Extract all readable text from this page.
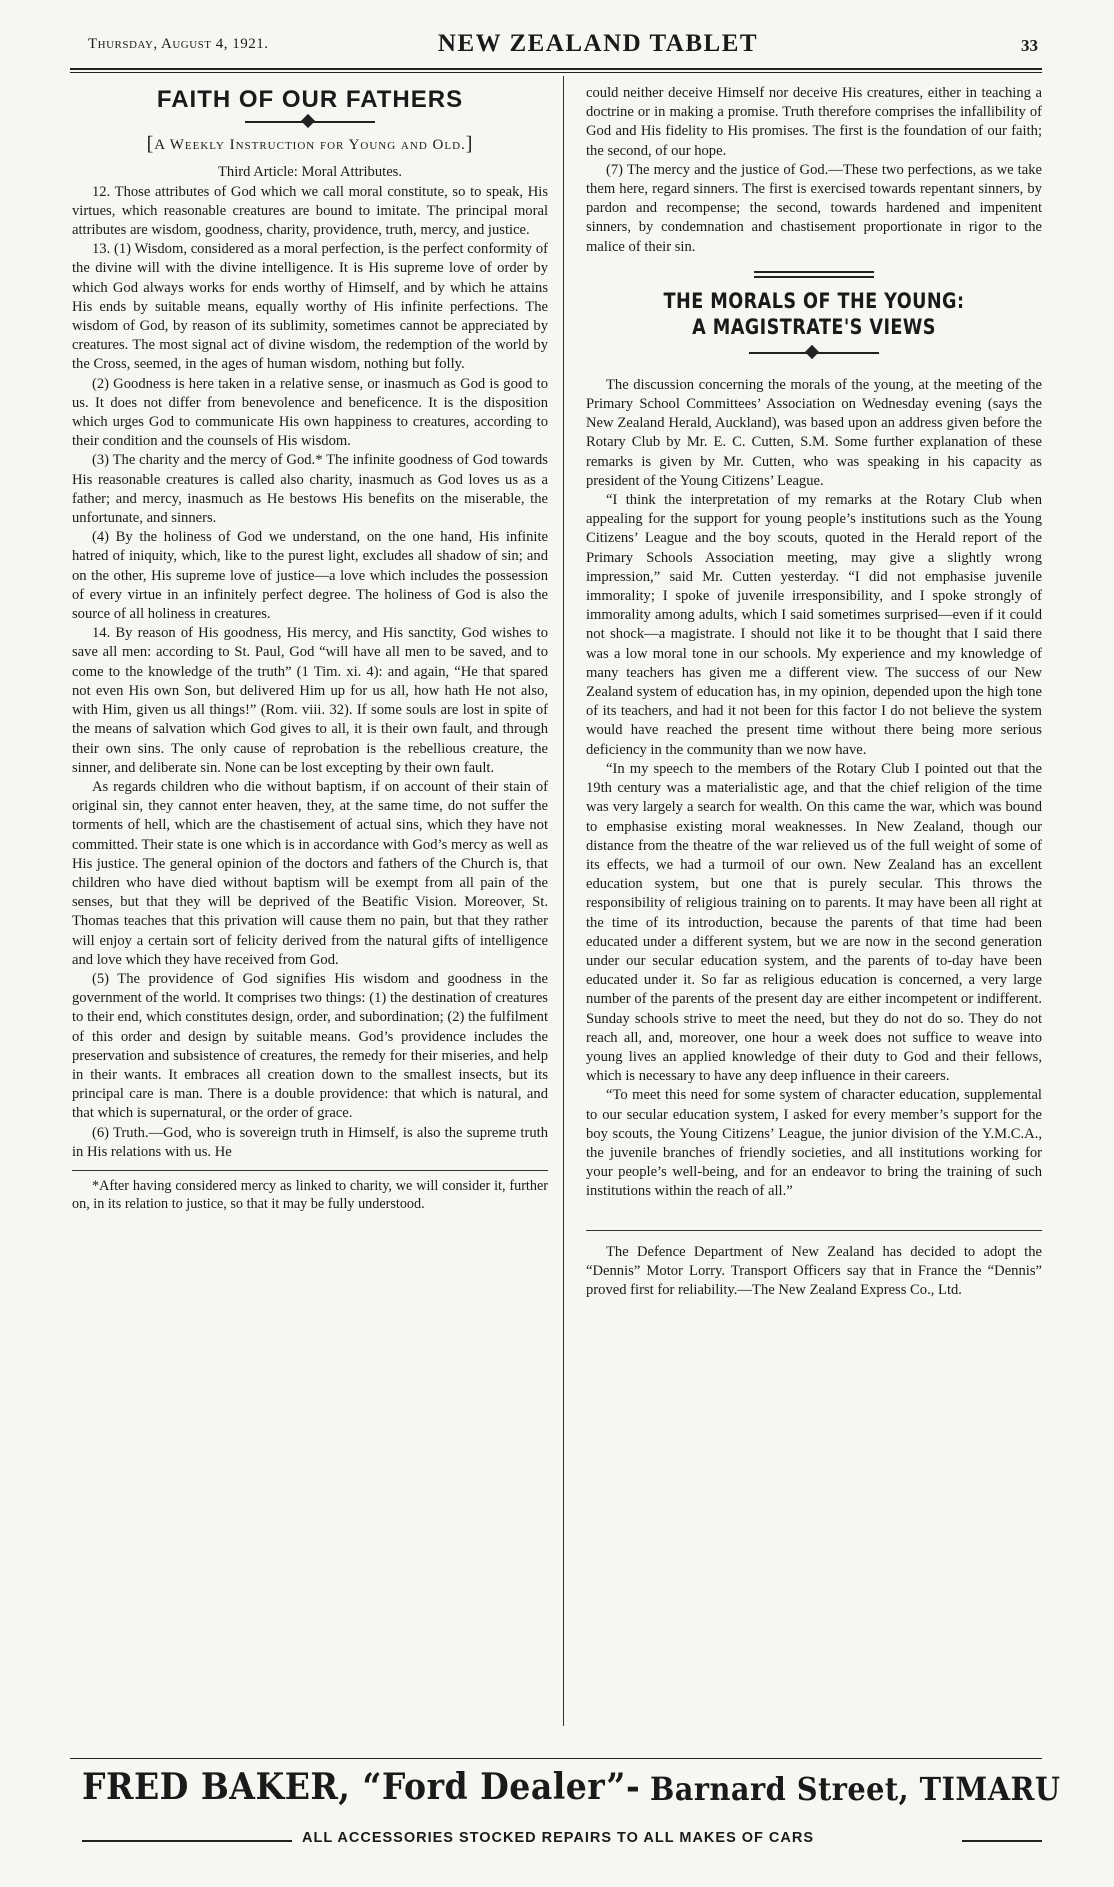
Thursday, August 4, 1921.	NEW ZEALAND TABLET	33
FAITH OF OUR FATHERS
[A Weekly Instruction for Young and Old.]
Third Article: Moral Attributes.

12. Those attributes of God which we call moral constitute, so to speak, His virtues, which reasonable creatures are bound to imitate. The principal moral attributes are wisdom, goodness, charity, providence, truth, mercy, and justice.

13. (1) Wisdom, considered as a moral perfection, is the perfect conformity of the divine will with the divine intelligence. It is His supreme love of order by which God always works for ends worthy of Himself, and by which he attains His ends by suitable means, equally worthy of His infinite perfections. The wisdom of God, by reason of its sublimity, sometimes cannot be appreciated by creatures. The most signal act of divine wisdom, the redemption of the world by the Cross, seemed, in the ages of human wisdom, nothing but folly.

(2) Goodness is here taken in a relative sense, or inasmuch as God is good to us. It does not differ from benevolence and beneficence. It is the disposition which urges God to communicate His own happiness to creatures, according to their condition and the counsels of His wisdom.

(3) The charity and the mercy of God.* The infinite goodness of God towards His reasonable creatures is called also charity, inasmuch as God loves us as a father; and mercy, inasmuch as He bestows His benefits on the miserable, the unfortunate, and sinners.

(4) By the holiness of God we understand, on the one hand, His infinite hatred of iniquity, which, like to the purest light, excludes all shadow of sin; and on the other, His supreme love of justice—a love which includes the possession of every virtue in an infinitely perfect degree. The holiness of God is also the source of all holiness in creatures.

14. By reason of His goodness, His mercy, and His sanctity, God wishes to save all men: according to St. Paul, God “will have all men to be saved, and to come to the knowledge of the truth” (1 Tim. xi. 4): and again, “He that spared not even His own Son, but delivered Him up for us all, how hath He not also, with Him, given us all things!” (Rom. viii. 32). If some souls are lost in spite of the means of salvation which God gives to all, it is their own fault, and through their own sins. The only cause of reprobation is the rebellious creature, the sinner, and deliberate sin. None can be lost excepting by their own fault.

As regards children who die without baptism, if on account of their stain of original sin, they cannot enter heaven, they, at the same time, do not suffer the torments of hell, which are the chastisement of actual sins, which they have not committed. Their state is one which is in accordance with God’s mercy as well as His justice. The general opinion of the doctors and fathers of the Church is, that children who have died without baptism will be exempt from all pain of the senses, but that they will be deprived of the Beatific Vision. Moreover, St. Thomas teaches that this privation will cause them no pain, but that they rather will enjoy a certain sort of felicity derived from the natural gifts of intelligence and love which they have received from God.

(5) The providence of God signifies His wisdom and goodness in the government of the world. It comprises two things: (1) the destination of creatures to their end, which constitutes design, order, and subordination; (2) the fulfilment of this order and design by suitable means. God’s providence includes the preservation and subsistence of creatures, the remedy for their miseries, and help in their wants. It embraces all creation down to the smallest insects, but its principal care is man. There is a double providence: that which is natural, and that which is supernatural, or the order of grace.

(6) Truth.—God, who is sovereign truth in Himself, is also the supreme truth in His relations with us. He

*After having considered mercy as linked to charity, we will consider it, further on, in its relation to justice, so that it may be fully understood.

could neither deceive Himself nor deceive His creatures, either in teaching a doctrine or in making a promise. Truth therefore comprises the infallibility of God and His fidelity to His promises. The first is the foundation of our faith; the second, of our hope.

(7) The mercy and the justice of God.—These two perfections, as we take them here, regard sinners. The first is exercised towards repentant sinners, by pardon and recompense; the second, towards hardened and impenitent sinners, by condemnation and chastisement proportionate in rigor to the malice of their sin.

THE MORALS OF THE YOUNG:
A MAGISTRATE'S VIEWS

The discussion concerning the morals of the young, at the meeting of the Primary School Committees’ Association on Wednesday evening (says the New Zealand Herald, Auckland), was based upon an address given before the Rotary Club by Mr. E. C. Cutten, S.M. Some further explanation of these remarks is given by Mr. Cutten, who was speaking in his capacity as president of the Young Citizens’ League.

“I think the interpretation of my remarks at the Rotary Club when appealing for the support for young people’s institutions such as the Young Citizens’ League and the boy scouts, quoted in the Herald report of the Primary Schools Association meeting, may give a slightly wrong impression,” said Mr. Cutten yesterday. “I did not emphasise juvenile immorality; I spoke of juvenile irresponsibility, and I spoke strongly of immorality among adults, which I said sometimes surprised—even if it could not shock—a magistrate. I should not like it to be thought that I said there was a low moral tone in our schools. My experience and my knowledge of many teachers has given me a different view. The success of our New Zealand system of education has, in my opinion, depended upon the high tone of its teachers, and had it not been for this factor I do not believe the system would have reached the present time without there being more serious deficiency in the community than we now have.

“In my speech to the members of the Rotary Club I pointed out that the 19th century was a materialistic age, and that the chief religion of the time was very largely a search for wealth. On this came the war, which was bound to emphasise existing moral weaknesses. In New Zealand, though our distance from the theatre of the war relieved us of the full weight of some of its effects, we had a turmoil of our own. New Zealand has an excellent education system, but one that is purely secular. This throws the responsibility of religious training on to parents. It may have been all right at the time of its introduction, because the parents of that time had been educated under a different system, but we are now in the second generation under our secular education system, and the parents of to-day have been educated under it. So far as religious education is concerned, a very large number of the parents of the present day are either incompetent or indifferent. Sunday schools strive to meet the need, but they do not do so. They do not reach all, and, moreover, one hour a week does not suffice to weave into young lives an applied knowledge of their duty to God and their fellows, which is necessary to have any deep influence in their careers.

“To meet this need for some system of character education, supplemental to our secular education system, I asked for every member’s support for the boy scouts, the Young Citizens’ League, the junior division of the Y.M.C.A., the juvenile branches of friendly societies, and all institutions working for your people’s well-being, and for an endeavor to bring the training of such institutions within the reach of all.”

The Defence Department of New Zealand has decided to adopt the “Dennis” Motor Lorry. Transport Officers say that in France the “Dennis” proved first for reliability.—The New Zealand Express Co., Ltd.

FRED BAKER, “Ford Dealer”- Barnard Street, TIMARU
ALL ACCESSORIES STOCKED REPAIRS TO ALL MAKES OF CARS
